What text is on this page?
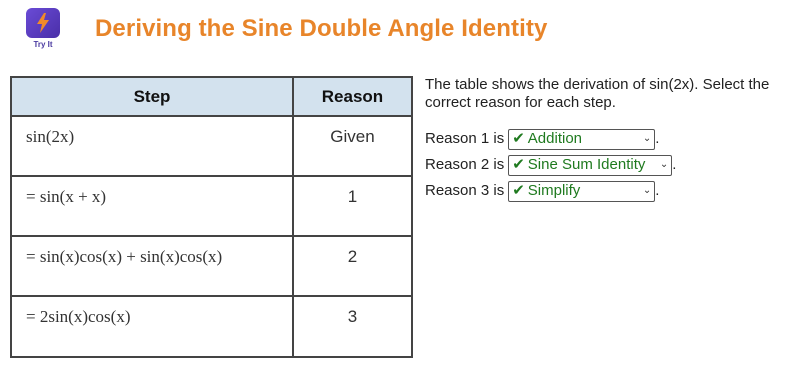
Try It
Deriving the Sine Double Angle Identity
Step	Reason
sin(2x)	Given
= sin(x + x)	1
= sin(x)cos(x) + sin(x)cos(x)	2
= 2sin(x)cos(x)	3

The table shows the derivation of sin(2x). Select the correct reason for each step.

Reason 1 is ✔ Addition	⌄ .
Reason 2 is ✔ Sine Sum Identity ⌄ .
Reason 3 is ✔ Simplify	⌄ .
